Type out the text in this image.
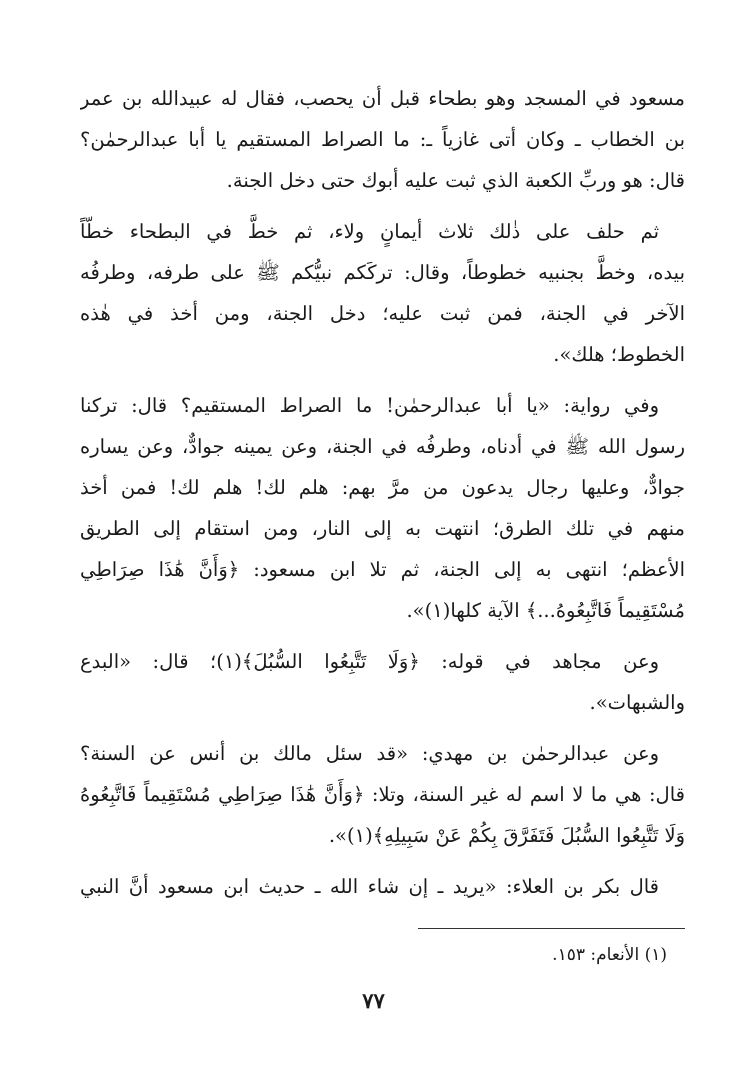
مسعود في المسجد وهو بطحاء قبل أن يحصب، فقال له عبيدالله بن عمر
بن الخطاب ـ وكان أتى غازياً ـ: ما الصراط المستقيم يا أبا عبدالرحمٰن؟
قال: هو وربِّ الكعبة الذي ثبت عليه أبوك حتى دخل الجنة.
ثم حلف على ذٰلك ثلاث أيمانٍ ولاء، ثم خطَّ في البطحاء خطّاً
بيده، وخطَّ بجنبيه خطوطاً، وقال: تركَكم نبيُّكم ﷺ على طرفه، وطرفُه
الآخر في الجنة، فمن ثبت عليه؛ دخل الجنة، ومن أخذ في هٰذه
الخطوط؛ هلك».
وفي رواية: «يا أبا عبدالرحمٰن! ما الصراط المستقيم؟ قال: تركنا
رسول الله ﷺ في أدناه، وطرفُه في الجنة، وعن يمينه جوادٌّ، وعن يساره
جوادٌّ، وعليها رجال يدعون من مرَّ بهم: هلم لك! هلم لك! فمن أخذ
منهم في تلك الطرق؛ انتهت به إلى النار، ومن استقام إلى الطريق
الأعظم؛ انتهى به إلى الجنة، ثم تلا ابن مسعود: ﴿وَأَنَّ هَٰذَا صِرَاطِي
مُسْتَقِيماً فَاتَّبِعُوهُ...﴾ الآية كلها(١)».
وعن مجاهد في قوله: ﴿وَلَا تَتَّبِعُوا السُّبُلَ﴾(١)؛ قال: «البدع
والشبهات».
وعن عبدالرحمٰن بن مهدي: «قد سئل مالك بن أنس عن السنة؟
قال: هي ما لا اسم له غير السنة، وتلا: ﴿وَأَنَّ هَٰذَا صِرَاطِي مُسْتَقِيماً فَاتَّبِعُوهُ
وَلَا تَتَّبِعُوا السُّبُلَ فَتَفَرَّقَ بِكُمْ عَنْ سَبِيلِهِ﴾(١)».
قال بكر بن العلاء: «يريد ـ إن شاء الله ـ حديث ابن مسعود أنَّ النبي
(١) الأنعام: ١٥٣.
٧٧
